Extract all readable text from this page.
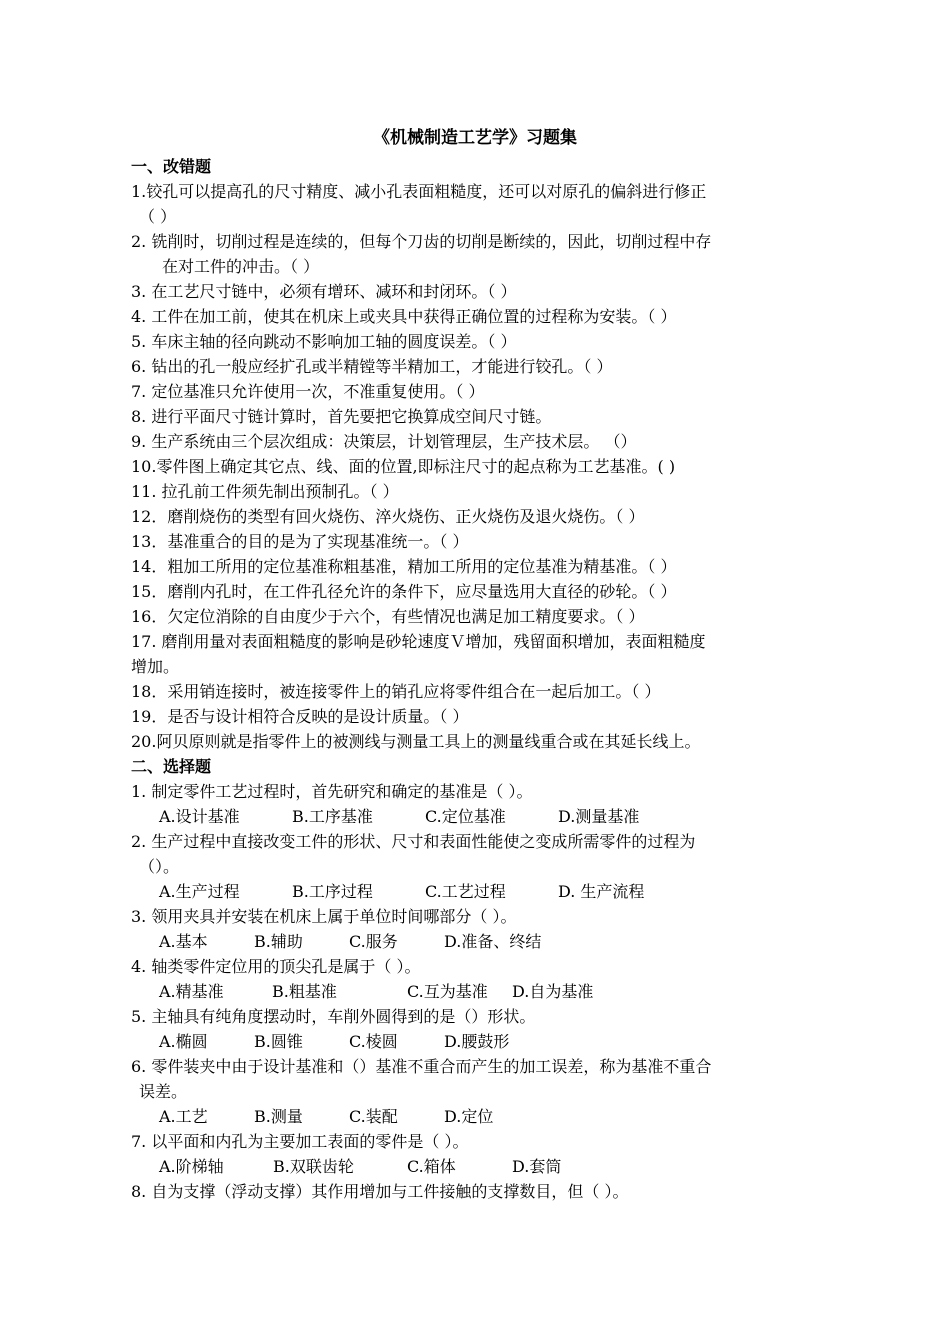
《机械制造工艺学》习题集
一、改错题
1.铰孔可以提高孔的尺寸精度、减小孔表面粗糙度，还可以对原孔的偏斜进行修正
（ ）
2. 铣削时，切削过程是连续的，但每个刀齿的切削是断续的，因此，切削过程中存
在对工件的冲击。（ ）
3. 在工艺尺寸链中，必须有增环、减环和封闭环。（ ）
4. 工件在加工前，使其在机床上或夹具中获得正确位置的过程称为安装。（ ）
5. 车床主轴的径向跳动不影响加工轴的圆度误差。（ ）
6. 钻出的孔一般应经扩孔或半精镗等半精加工，才能进行铰孔。（ ）
7. 定位基准只允许使用一次，不准重复使用。（ ）
8. 进行平面尺寸链计算时，首先要把它换算成空间尺寸链。
9. 生产系统由三个层次组成：决策层，计划管理层，生产技术层。 （）
10.零件图上确定其它点、线、面的位置,即标注尺寸的起点称为工艺基准。( )
11. 拉孔前工件须先制出预制孔。（ ）
12．磨削烧伤的类型有回火烧伤、淬火烧伤、正火烧伤及退火烧伤。（ ）
13．基准重合的目的是为了实现基准统一。（ ）
14．粗加工所用的定位基准称粗基准，精加工所用的定位基准为精基准。（ ）
15．磨削内孔时，在工件孔径允许的条件下，应尽量选用大直径的砂轮。（ ）
16．欠定位消除的自由度少于六个，有些情况也满足加工精度要求。（ ）
17. 磨削用量对表面粗糙度的影响是砂轮速度Ｖ增加，残留面积增加，表面粗糙度
增加。
18．采用销连接时，被连接零件上的销孔应将零件组合在一起后加工。（ ）
19．是否与设计相符合反映的是设计质量。（ ）
20.阿贝原则就是指零件上的被测线与测量工具上的测量线重合或在其延长线上。
二、选择题
1. 制定零件工艺过程时，首先研究和确定的基准是（ ）。
A.设计基准	B.工序基准	C.定位基准	D.测量基准
2. 生产过程中直接改变工件的形状、尺寸和表面性能使之变成所需零件的过程为
（）。
A.生产过程	B.工序过程	C.工艺过程	D. 生产流程
3. 领用夹具并安装在机床上属于单位时间哪部分（ ）。
A.基本	B.辅助	C.服务	D.准备、终结
4. 轴类零件定位用的顶尖孔是属于（ ）。
A.精基准	B.粗基准	C.互为基准	D.自为基准
5. 主轴具有纯角度摆动时，车削外圆得到的是（）形状。
A.椭圆	B.圆锥	C.棱圆	D.腰鼓形
6. 零件装夹中由于设计基准和（）基准不重合而产生的加工误差，称为基准不重合
误差。
A.工艺	B.测量	C.装配	D.定位
7. 以平面和内孔为主要加工表面的零件是（ ）。
A.阶梯轴	B.双联齿轮	C.箱体	D.套筒
8. 自为支撑（浮动支撑）其作用增加与工件接触的支撑数目，但（ ）。
